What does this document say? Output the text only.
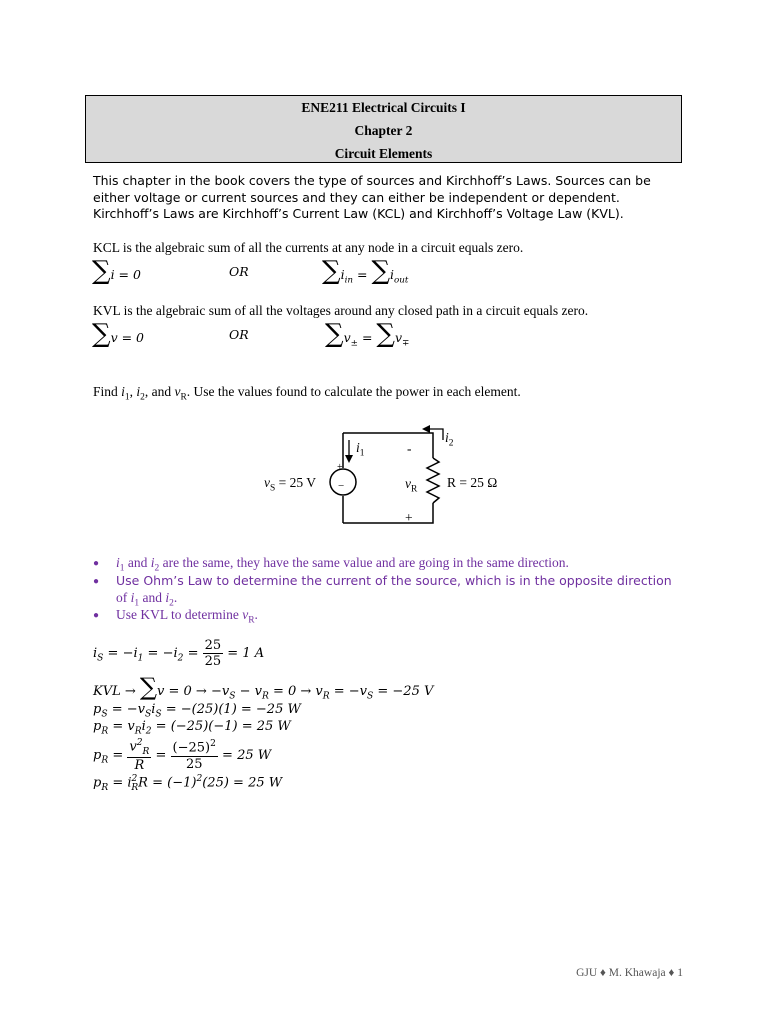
ENE211 Electrical Circuits I
Chapter 2
Circuit Elements
This chapter in the book covers the type of sources and Kirchhoff’s Laws. Sources can be
either voltage or current sources and they can either be independent or dependent.
Kirchhoff’s Laws are Kirchhoff’s Current Law (KCL) and Kirchhoff’s Voltage Law (KVL).
KCL is the algebraic sum of all the currents at any node in a circuit equals zero.
∑i = 0	OR	$\sum i_{in} = \sum i_{out}$
KVL is the algebraic sum of all the voltages around any closed path in a circuit equals zero.
∑v = 0	OR	$\sum v_\pm = \sum v_\mp$
Find $i_1$, $i_2$, and $v_R$. Use the values found to calculate the power in each element.
$v_S = 25$ V
+
−
$i_1$
$i_2$
-
$v_R$ R = 25 Ω
+
● $i_1$ and $i_2$ are the same, they have the same value and are going in the same direction.
● Use Ohm’s Law to determine the current of the source, which is in the opposite direction
of $i_1$ and $i_2$.
● Use KVL to determine $v_R$.
$i_S = -i_1 = -i_2 = \frac{25}{25} = 1$ A
KVL → $\sum v = 0 \to -v_S - v_R = 0 \to v_R = -v_S = -25$ V
$p_S = -v_Si_S = -(25)(1) = -25$ W
$p_R = v_Ri_2 = (-25)(-1) = 25$ W
$p_R = \frac{v^2_R}{R} = \frac{(-25)^2}{25} = 25$ W
$p_R = i^2_RR = (-1)^2(25) = 25$ W
GJU ♦ M. Khawaja ♦ 1
